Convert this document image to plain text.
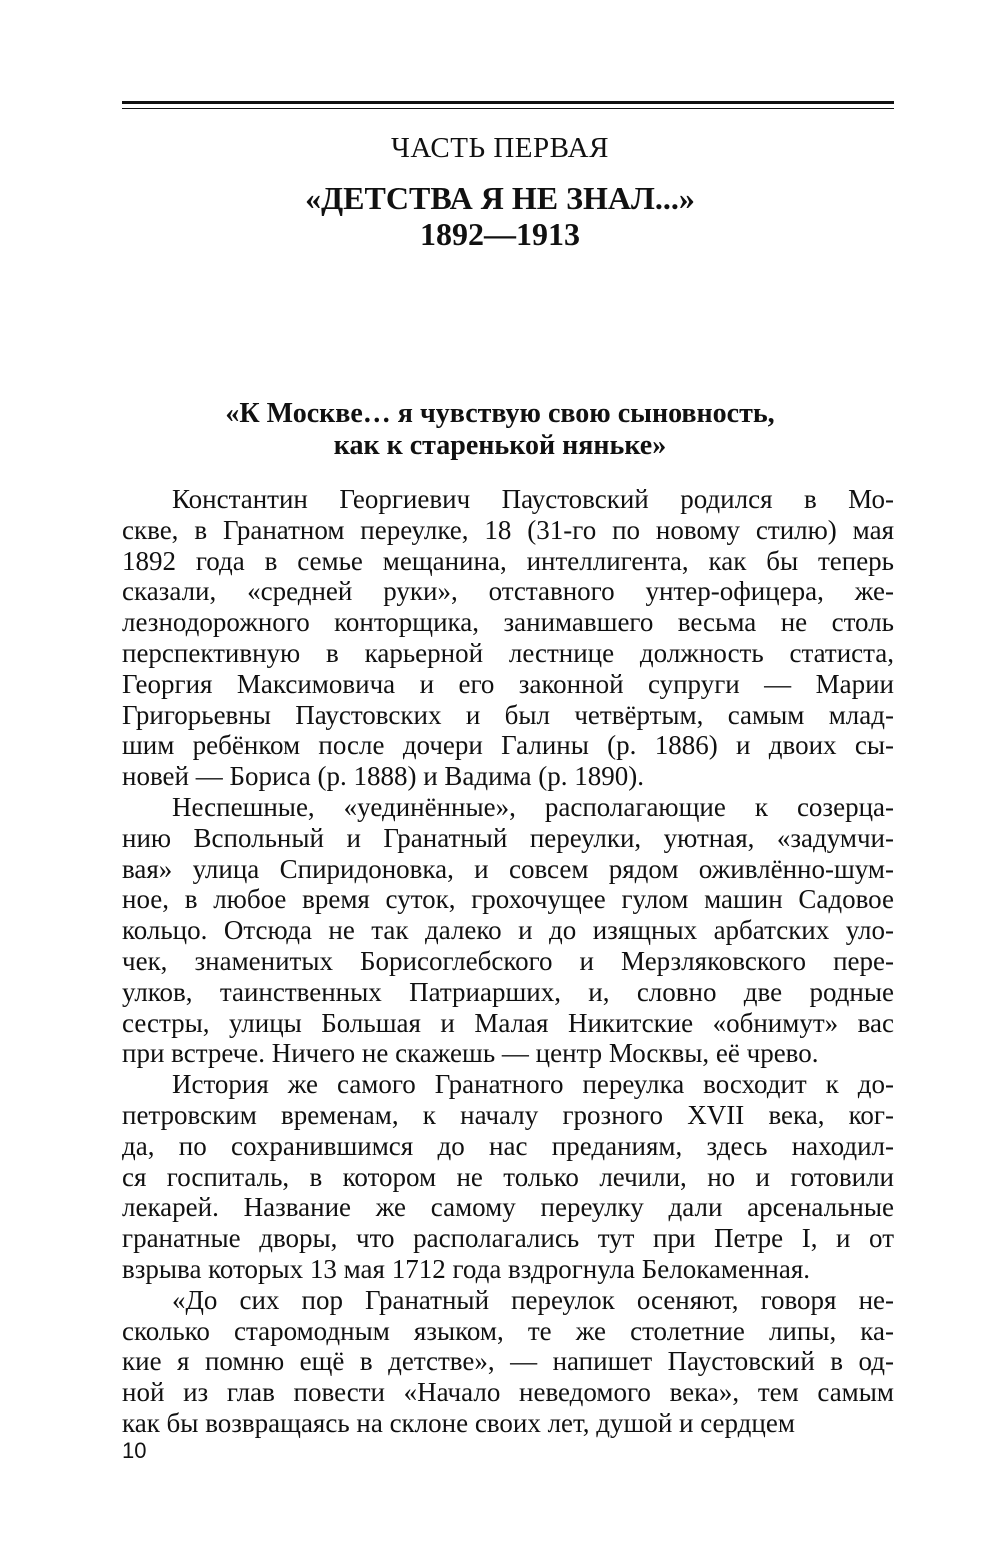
ЧАСТЬ ПЕРВАЯ
«ДЕТСТВА Я НЕ ЗНАЛ...»
1892—1913
«К Москве… я чувствую свою сыновность,
как к старенькой няньке»
Константин Георгиевич Паустовский родился в Мо-
скве, в Гранатном переулке, 18 (31-го по новому стилю) мая
1892 года в семье мещанина, интеллигента, как бы теперь
сказали, «средней руки», отставного унтер-офицера, же-
лезнодорожного конторщика, занимавшего весьма не столь
перспективную в карьерной лестнице должность статиста,
Георгия Максимовича и его законной супруги — Марии
Григорьевны Паустовских и был четвёртым, самым млад-
шим ребёнком после дочери Галины (р. 1886) и двоих сы-
новей — Бориса (р. 1888) и Вадима (р. 1890).
Неспешные, «уединённые», располагающие к созерца-
нию Вспольный и Гранатный переулки, уютная, «задумчи-
вая» улица Спиридоновка, и совсем рядом оживлённо-шум-
ное, в любое время суток, грохочущее гулом машин Садовое
кольцо. Отсюда не так далеко и до изящных арбатских уло-
чек, знаменитых Борисоглебского и Мерзляковского пере-
улков, таинственных Патриарших, и, словно две родные
сестры, улицы Большая и Малая Никитские «обнимут» вас
при встрече. Ничего не скажешь — центр Москвы, её чрево.
История же самого Гранатного переулка восходит к до-
петровским временам, к началу грозного XVII века, ког-
да, по сохранившимся до нас преданиям, здесь находил-
ся госпиталь, в котором не только лечили, но и готовили
лекарей. Название же самому переулку дали арсенальные
гранатные дворы, что располагались тут при Петре I, и от
взрыва которых 13 мая 1712 года вздрогнула Белокаменная.
«До сих пор Гранатный переулок осеняют, говоря не-
сколько старомодным языком, те же столетние липы, ка-
кие я помню ещё в детстве», — напишет Паустовский в од-
ной из глав повести «Начало неведомого века», тем самым
как бы возвращаясь на склоне своих лет, душой и сердцем
10
